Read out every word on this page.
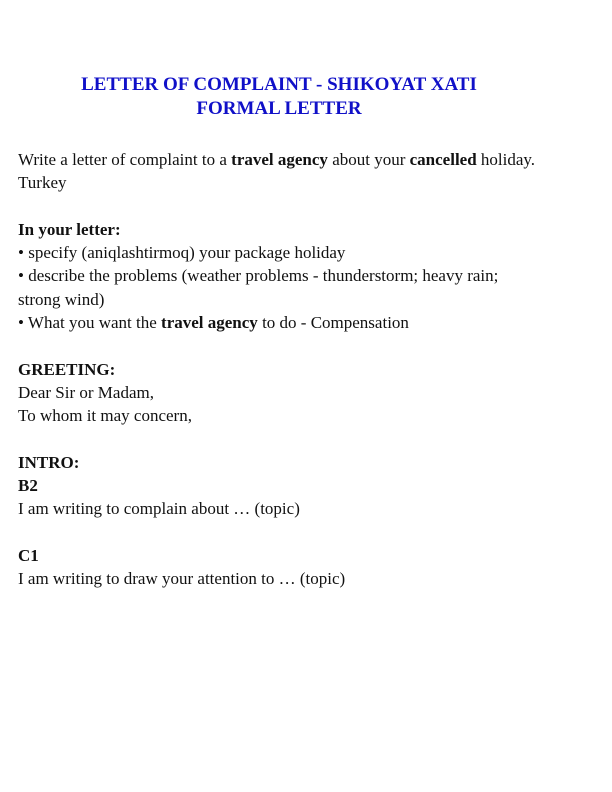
LETTER OF COMPLAINT - SHIKOYAT XATI
FORMAL LETTER
Write a letter of complaint to a travel agency about your cancelled holiday.
Turkey
In your letter:
• specify (aniqlashtirmoq) your package holiday
• describe the problems (weather problems - thunderstorm; heavy rain;
strong wind)
• What you want the travel agency to do - Compensation
GREETING:
Dear Sir or Madam,
To whom it may concern,
INTRO:
B2
I am writing to complain about … (topic)
C1
I am writing to draw your attention to … (topic)
